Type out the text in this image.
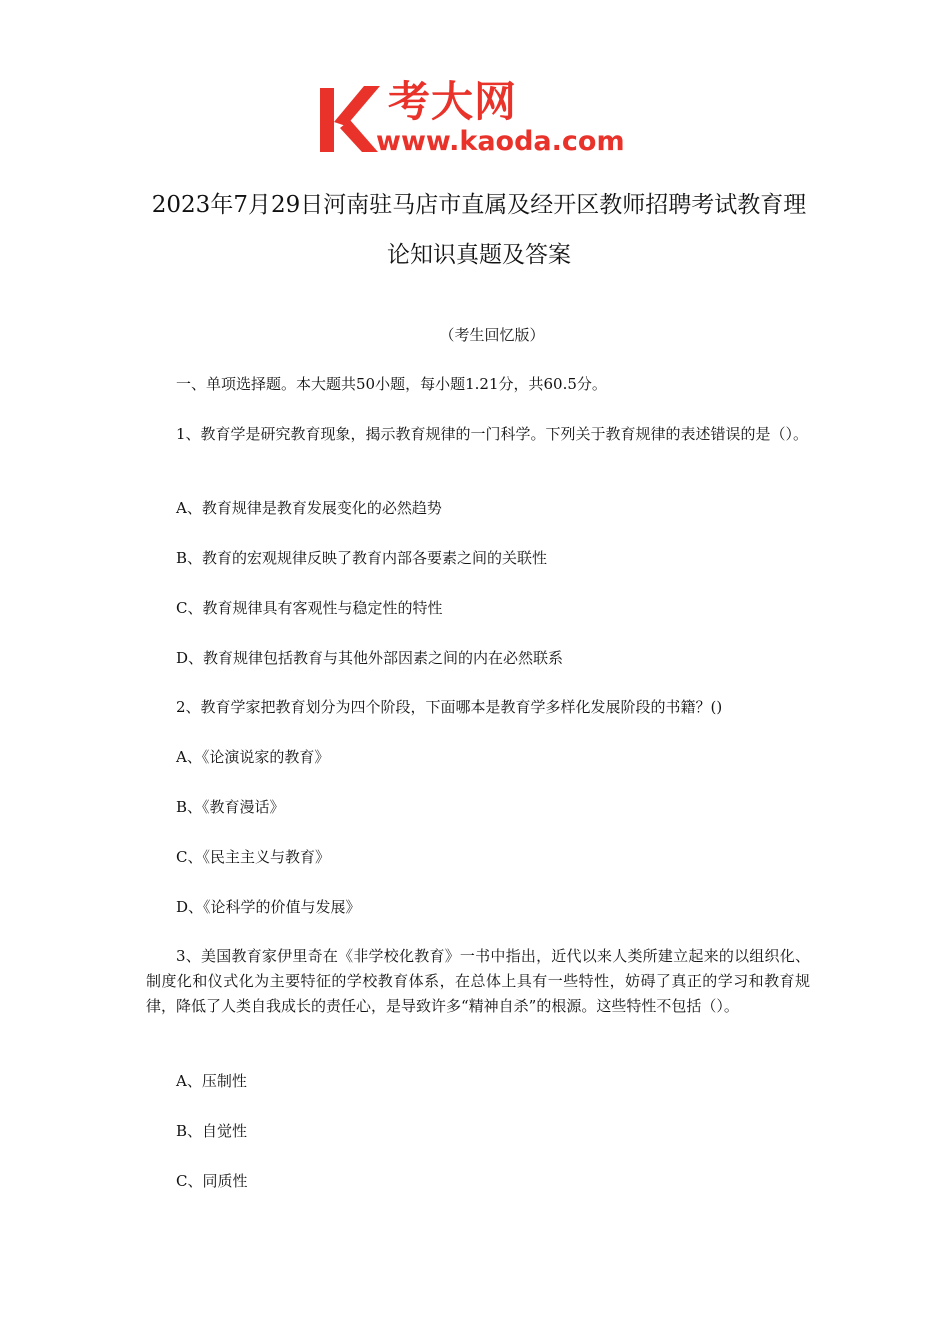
考大网
www.kaoda.com
2023年7月29日河南驻马店市直属及经开区教师招聘考试教育理论知识真题及答案
（考生回忆版）
一、单项选择题。本大题共50小题，每小题1.21分，共60.5分。
1、教育学是研究教育现象，揭示教育规律的一门科学。下列关于教育规律的表述错误的是（）。
A、教育规律是教育发展变化的必然趋势
B、教育的宏观规律反映了教育内部各要素之间的关联性
C、教育规律具有客观性与稳定性的特性
D、教育规律包括教育与其他外部因素之间的内在必然联系
2、教育学家把教育划分为四个阶段，下面哪本是教育学多样化发展阶段的书籍？()
A、《论演说家的教育》
B、《教育漫话》
C、《民主主义与教育》
D、《论科学的价值与发展》
3、美国教育家伊里奇在《非学校化教育》一书中指出，近代以来人类所建立起来的以组织化、制度化和仪式化为主要特征的学校教育体系，在总体上具有一些特性，妨碍了真正的学习和教育规律，降低了人类自我成长的责任心，是导致许多“精神自杀”的根源。这些特性不包括（）。
A、压制性
B、自觉性
C、同质性
